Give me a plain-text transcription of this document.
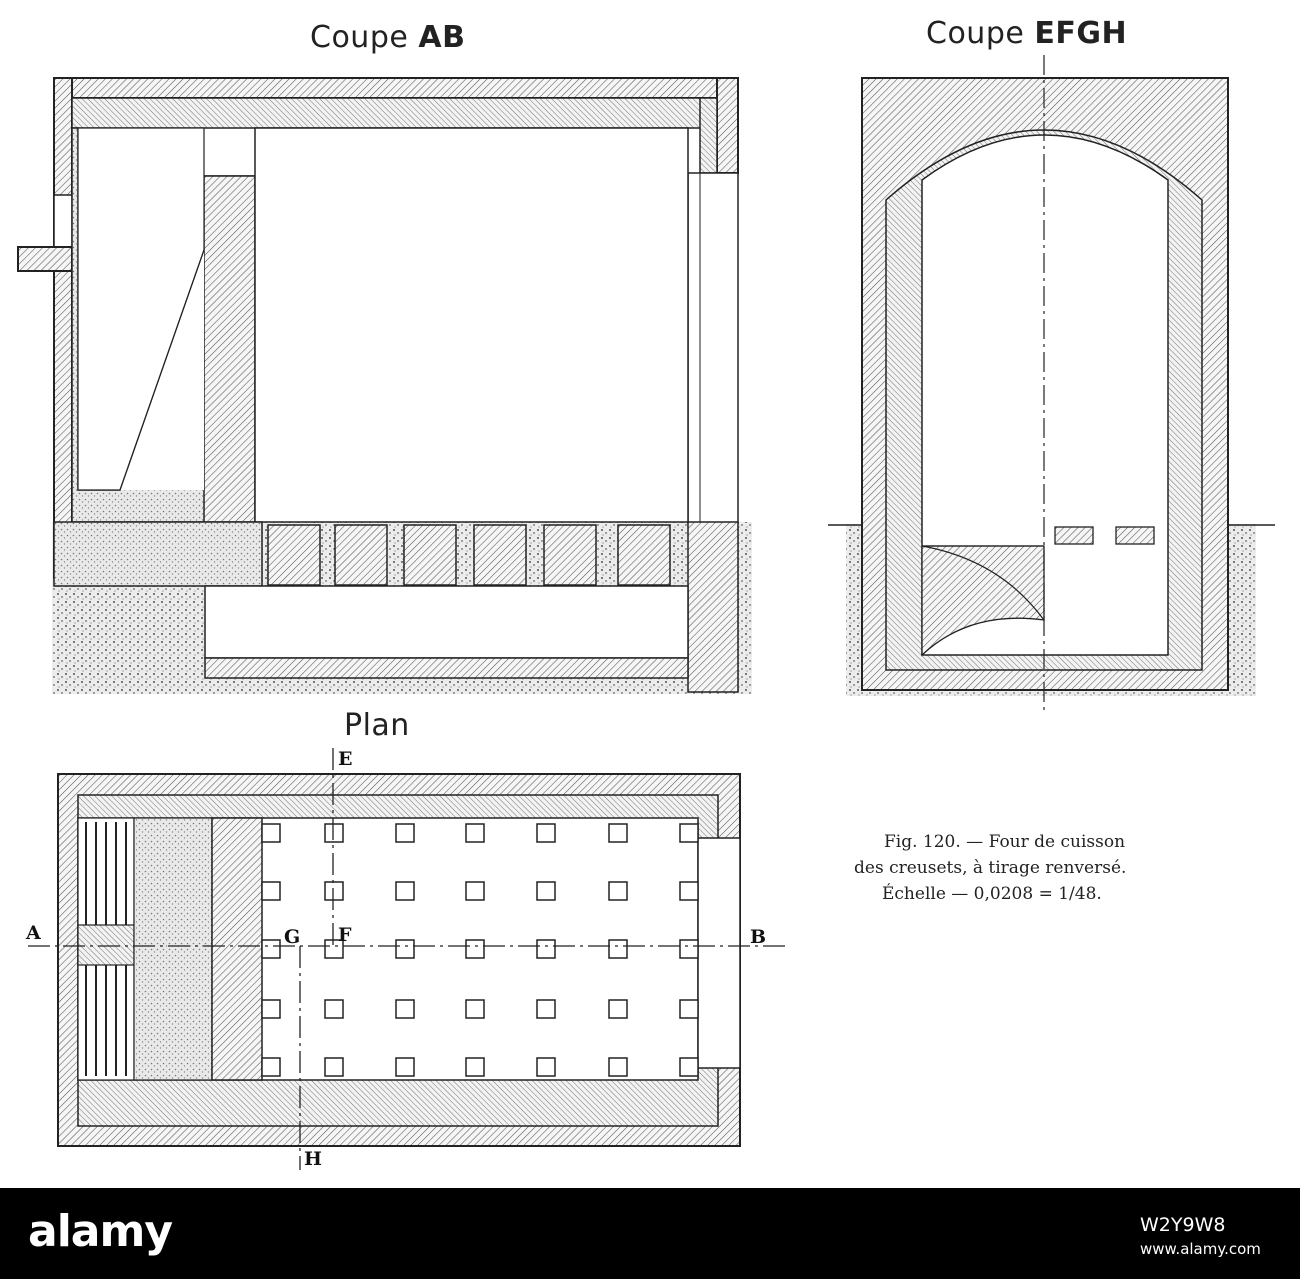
Coupe AB	Coupe EFGH
Plan
A	B
E
F
G
H
Fig. 120. — Four de cuisson
des creusets, à tirage renversé.
Échelle — 0,0208 = 1/48.
alamy	W2Y9W8
www.alamy.com
